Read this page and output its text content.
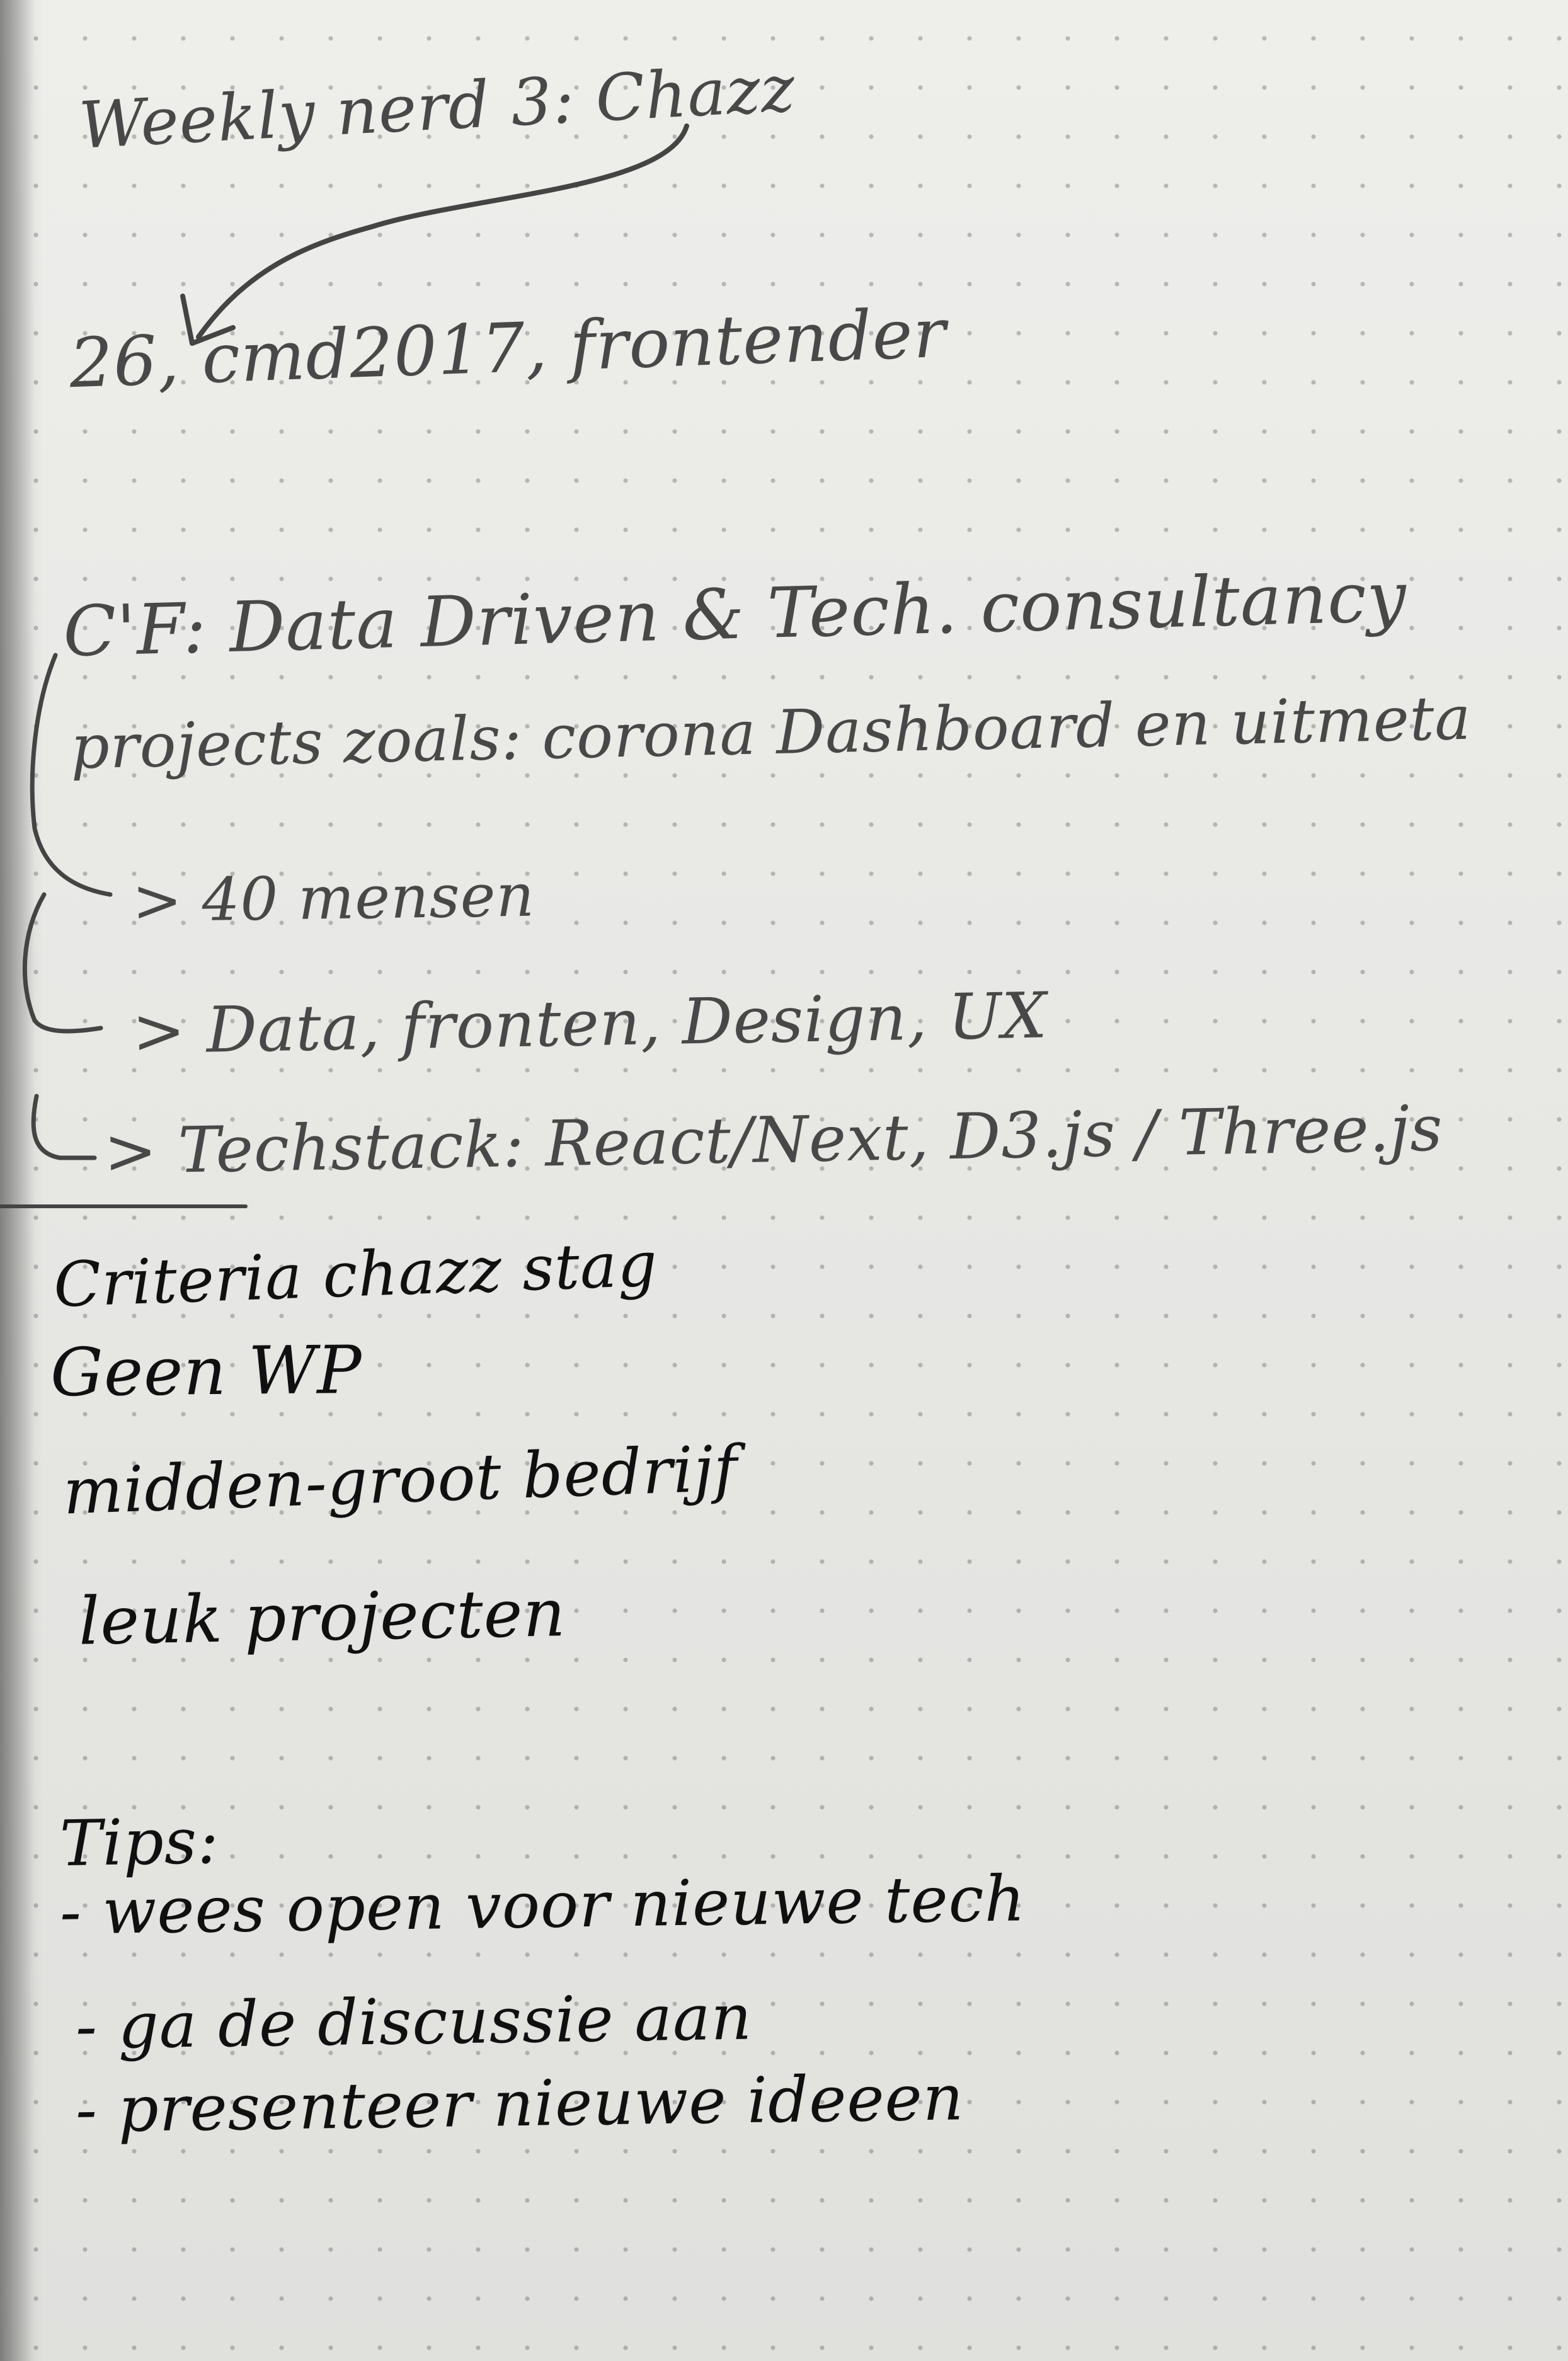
Weekly nerd 3: Chazz

26, cmd2017, frontender

C'F: Data Driven & Tech. consultancy

projects zoals: corona Dashboard en uitmeta

> 40 mensen

> Data, fronten, Design, UX

> Techstack: React/Next, D3.js / Three.js

Criteria chazz stag

Geen WP

midden-groot bedrijf

leuk projecten

Tips:

- wees open voor nieuwe tech

- ga de discussie aan

- presenteer nieuwe ideeen
